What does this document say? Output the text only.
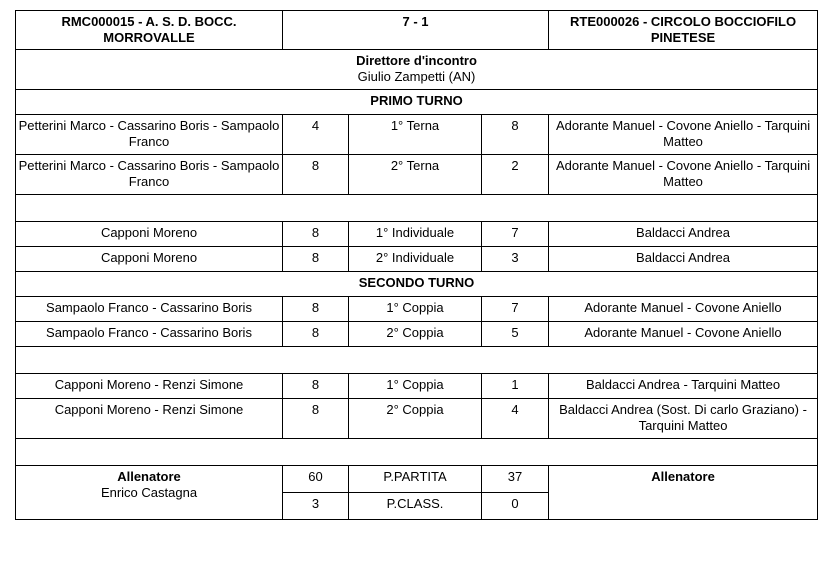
RMC000015 - A. S. D. BOCC. MORROVALLE	7 - 1			RTE000026 - CIRCOLO BOCCIOFILO PINETESE

Direttore d'incontro
Giulio Zampetti (AN)				

PRIMO TURNO				
Petterini Marco - Cassarino Boris - Sampaolo Franco	4	1° Terna	8	Adorante Manuel - Covone Aniello - Tarquini Matteo
Petterini Marco - Cassarino Boris - Sampaolo Franco	8	2° Terna	2	Adorante Manuel - Covone Aniello - Tarquini Matteo

Capponi Moreno	8	1° Individuale	7	Baldacci Andrea
Capponi Moreno	8	2° Individuale	3	Baldacci Andrea
SECONDO TURNO				
Sampaolo Franco - Cassarino Boris	8	1° Coppia	7	Adorante Manuel - Covone Aniello
Sampaolo Franco - Cassarino Boris	8	2° Coppia	5	Adorante Manuel - Covone Aniello

Capponi Moreno - Renzi Simone	8	1° Coppia	1	Baldacci Andrea - Tarquini Matteo
Capponi Moreno - Renzi Simone	8	2° Coppia	4	Baldacci Andrea (Sost. Di carlo Graziano) - Tarquini Matteo

Allenatore
Enrico Castagna	60	P.PARTITA	37	Allenatore

	3	P.CLASS.	0	
